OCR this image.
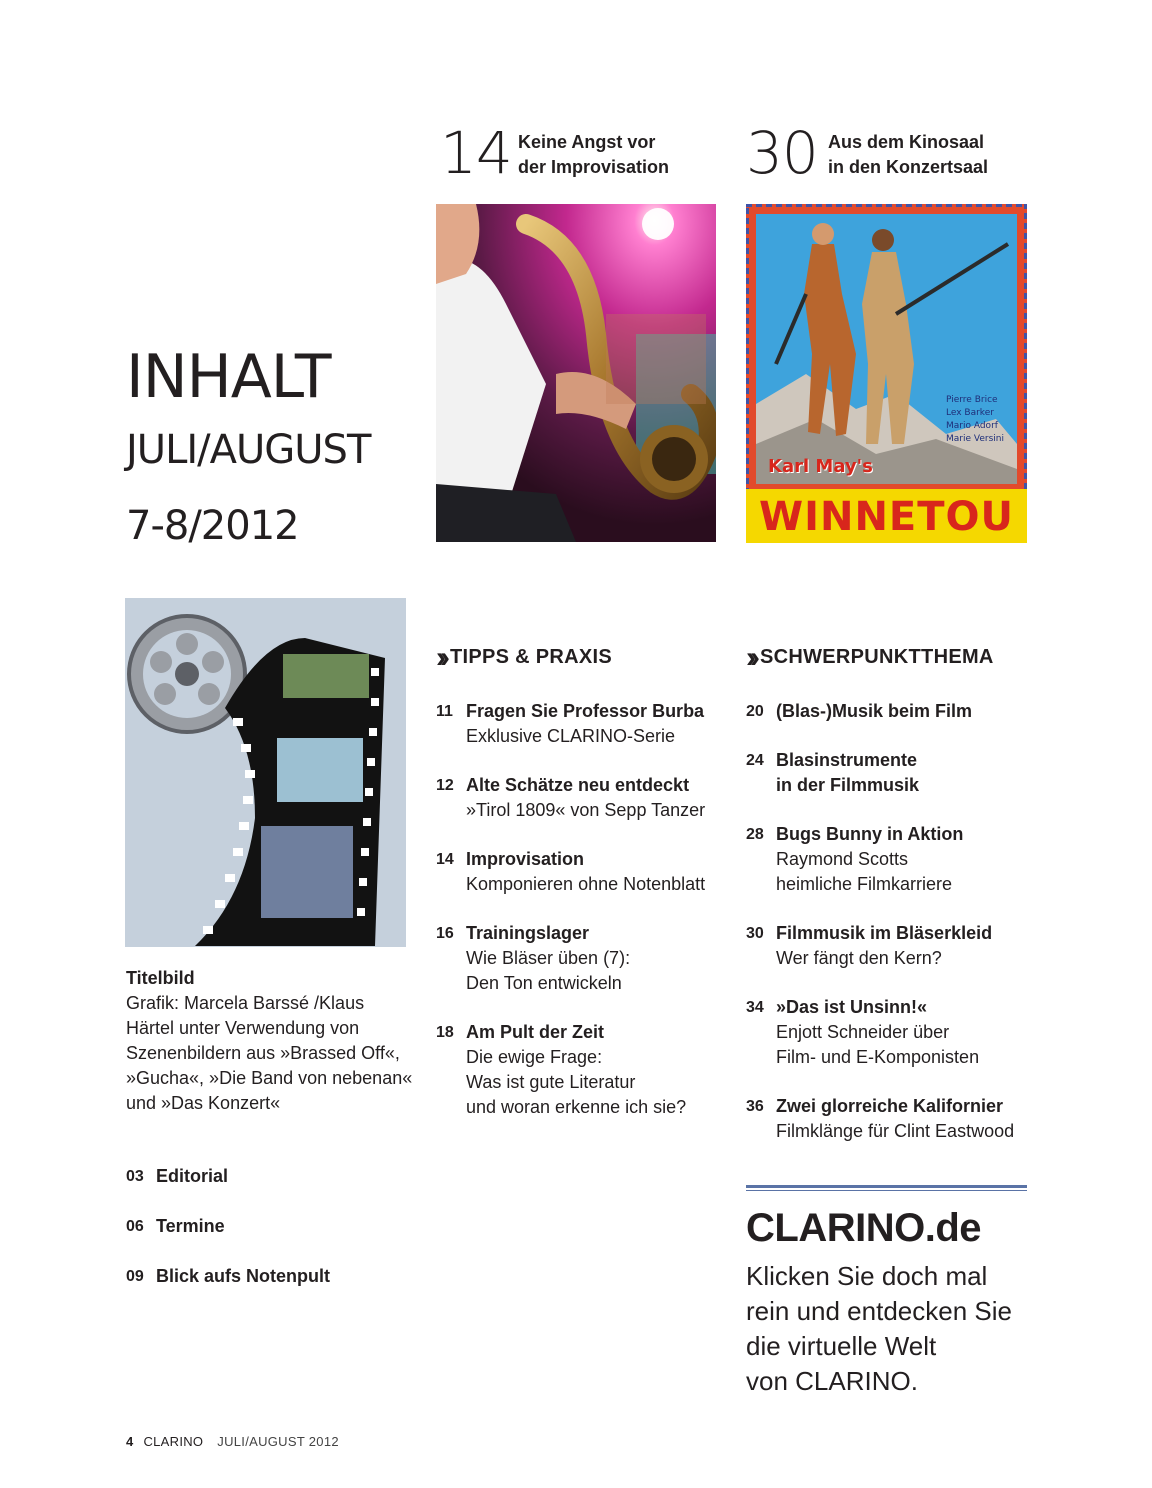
14 Keine Angst vor
der Improvisation	30 Aus dem Kinosaal
in den Konzertsaal
INHALT
JULI/AUGUST
7-8/2012
Pierre Brice
Lex Barker
Mario Adorf
Marie Versini
Karl May's
WINNETOU
Titelbild
Grafik: Marcela Barssé /Klaus
Härtel unter Verwendung von
Szenenbildern aus »Brassed Off«,
»Gucha«, »Die Band von nebenan«
und »Das Konzert«
03 Editorial
06 Termine
09 Blick aufs Notenpult
›› TIPPS & PRAXIS
11 Fragen Sie Professor Burba
Exklusive CLARINO-Serie
12 Alte Schätze neu entdeckt
»Tirol 1809« von Sepp Tanzer
14 Improvisation
Komponieren ohne Notenblatt
16 Trainingslager
Wie Bläser üben (7):
Den Ton entwickeln
18 Am Pult der Zeit
Die ewige Frage:
Was ist gute Literatur
und woran erkenne ich sie?
›› SCHWERPUNKTTHEMA
20 (Blas-)Musik beim Film
24 Blasinstrumente
in der Filmmusik
28 Bugs Bunny in Aktion
Raymond Scotts
heimliche Filmkarriere
30 Filmmusik im Bläserkleid
Wer fängt den Kern?
34 »Das ist Unsinn!«
Enjott Schneider über
Film- und E-Komponisten
36 Zwei glorreiche Kalifornier
Filmklänge für Clint Eastwood
CLARINO.de
Klicken Sie doch mal
rein und entdecken Sie
die virtuelle Welt
von CLARINO.
4 CLARINO JULI/AUGUST 2012
